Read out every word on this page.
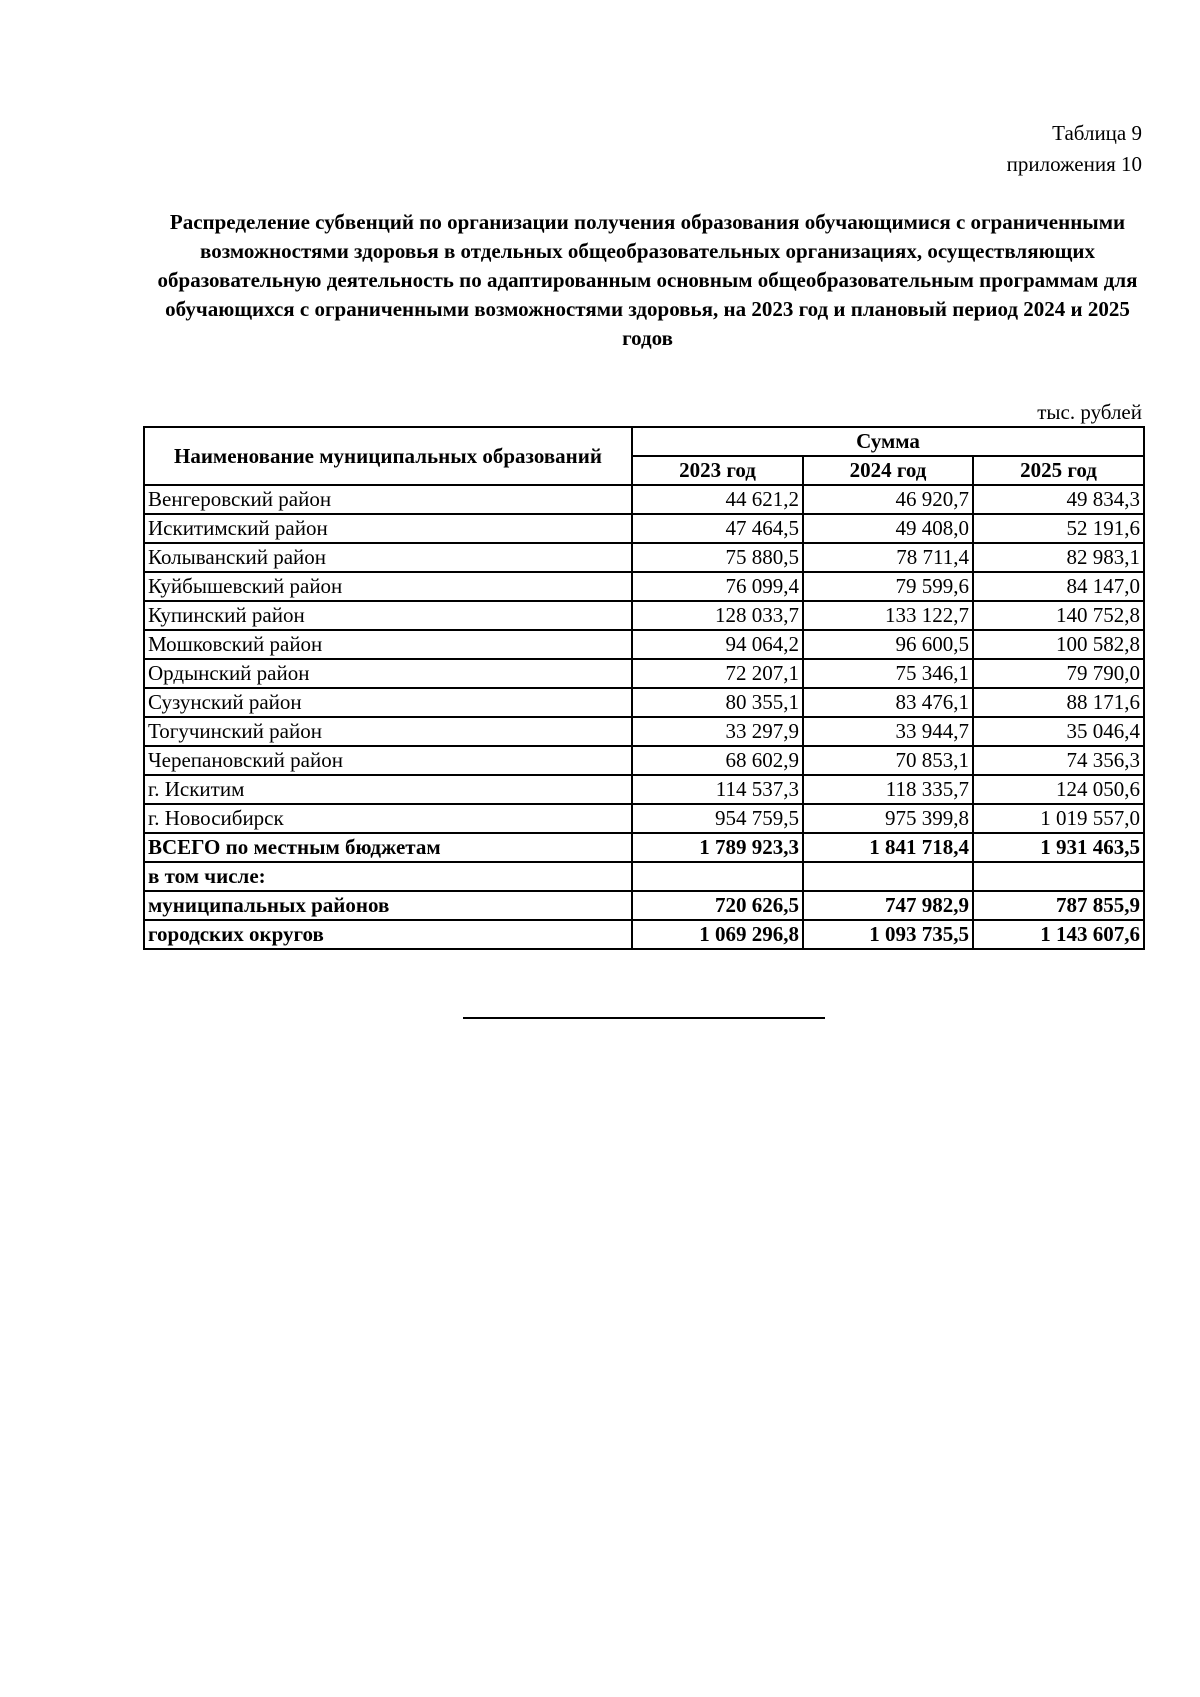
Таблица 9
приложения 10
Распределение субвенций по организации получения образования обучающимися с ограниченными возможностями здоровья в отдельных общеобразовательных организациях, осуществляющих образовательную деятельность по адаптированным основным общеобразовательным программам для обучающихся с ограниченными возможностями здоровья, на 2023 год и плановый период 2024 и 2025 годов
тыс. рублей
Наименование муниципальных образований	Сумма		
	2023 год	2024 год	2025 год
Венгеровский район	44 621,2	46 920,7	49 834,3
Искитимский район	47 464,5	49 408,0	52 191,6
Колыванский район	75 880,5	78 711,4	82 983,1
Куйбышевский район	76 099,4	79 599,6	84 147,0
Купинский район	128 033,7	133 122,7	140 752,8
Мошковский район	94 064,2	96 600,5	100 582,8
Ордынский район	72 207,1	75 346,1	79 790,0
Сузунский район	80 355,1	83 476,1	88 171,6
Тогучинский район	33 297,9	33 944,7	35 046,4
Черепановский район	68 602,9	70 853,1	74 356,3
г. Искитим	114 537,3	118 335,7	124 050,6
г. Новосибирск	954 759,5	975 399,8	1 019 557,0
ВСЕГО по местным бюджетам	1 789 923,3	1 841 718,4	1 931 463,5
в том числе:			
муниципальных районов	720 626,5	747 982,9	787 855,9
городских округов	1 069 296,8	1 093 735,5	1 143 607,6
